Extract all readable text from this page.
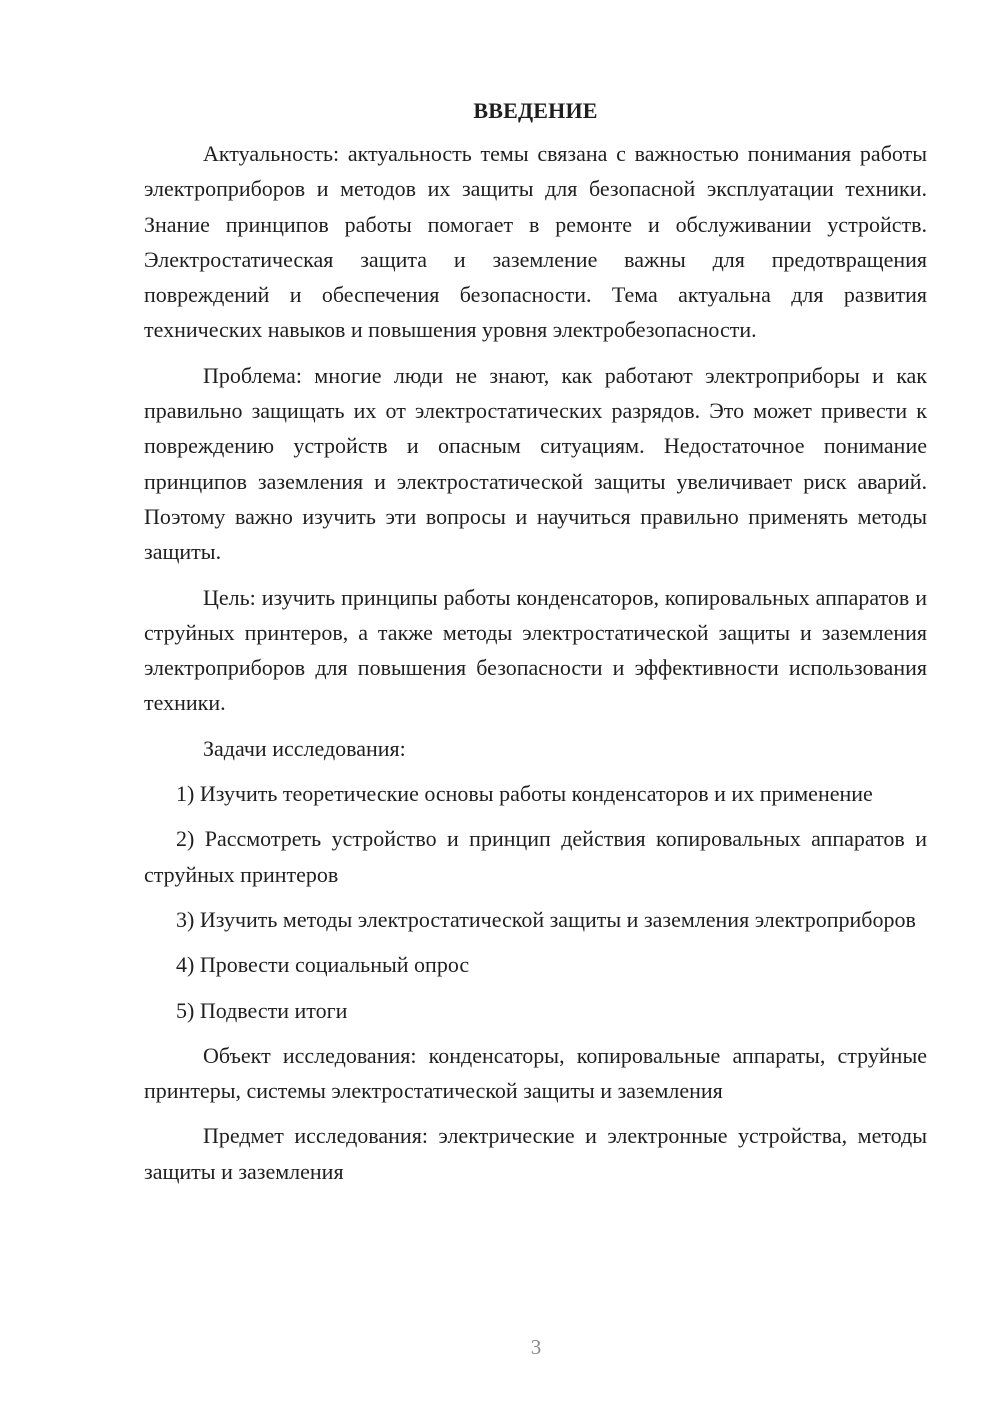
ВВЕДЕНИЕ

Актуальность: актуальность темы связана с важностью понимания работы электроприборов и методов их защиты для безопасной эксплуатации техники. Знание принципов работы помогает в ремонте и обслуживании устройств. Электростатическая защита и заземление важны для предотвращения повреждений и обеспечения безопасности. Тема актуальна для развития технических навыков и повышения уровня электробезопасности.

Проблема: многие люди не знают, как работают электроприборы и как правильно защищать их от электростатических разрядов. Это может привести к повреждению устройств и опасным ситуациям. Недостаточное понимание принципов заземления и электростатической защиты увеличивает риск аварий. Поэтому важно изучить эти вопросы и научиться правильно применять методы защиты.

Цель: изучить принципы работы конденсаторов, копировальных аппаратов и струйных принтеров, а также методы электростатической защиты и заземления электроприборов для повышения безопасности и эффективности использования техники.

Задачи исследования:

1) Изучить теоретические основы работы конденсаторов и их применение

2) Рассмотреть устройство и принцип действия копировальных аппаратов и струйных принтеров

3) Изучить методы электростатической защиты и заземления электроприборов

4) Провести социальный опрос

5) Подвести итоги

Объект исследования: конденсаторы, копировальные аппараты, струйные принтеры, системы электростатической защиты и заземления

Предмет исследования: электрические и электронные устройства, методы защиты и заземления

3
